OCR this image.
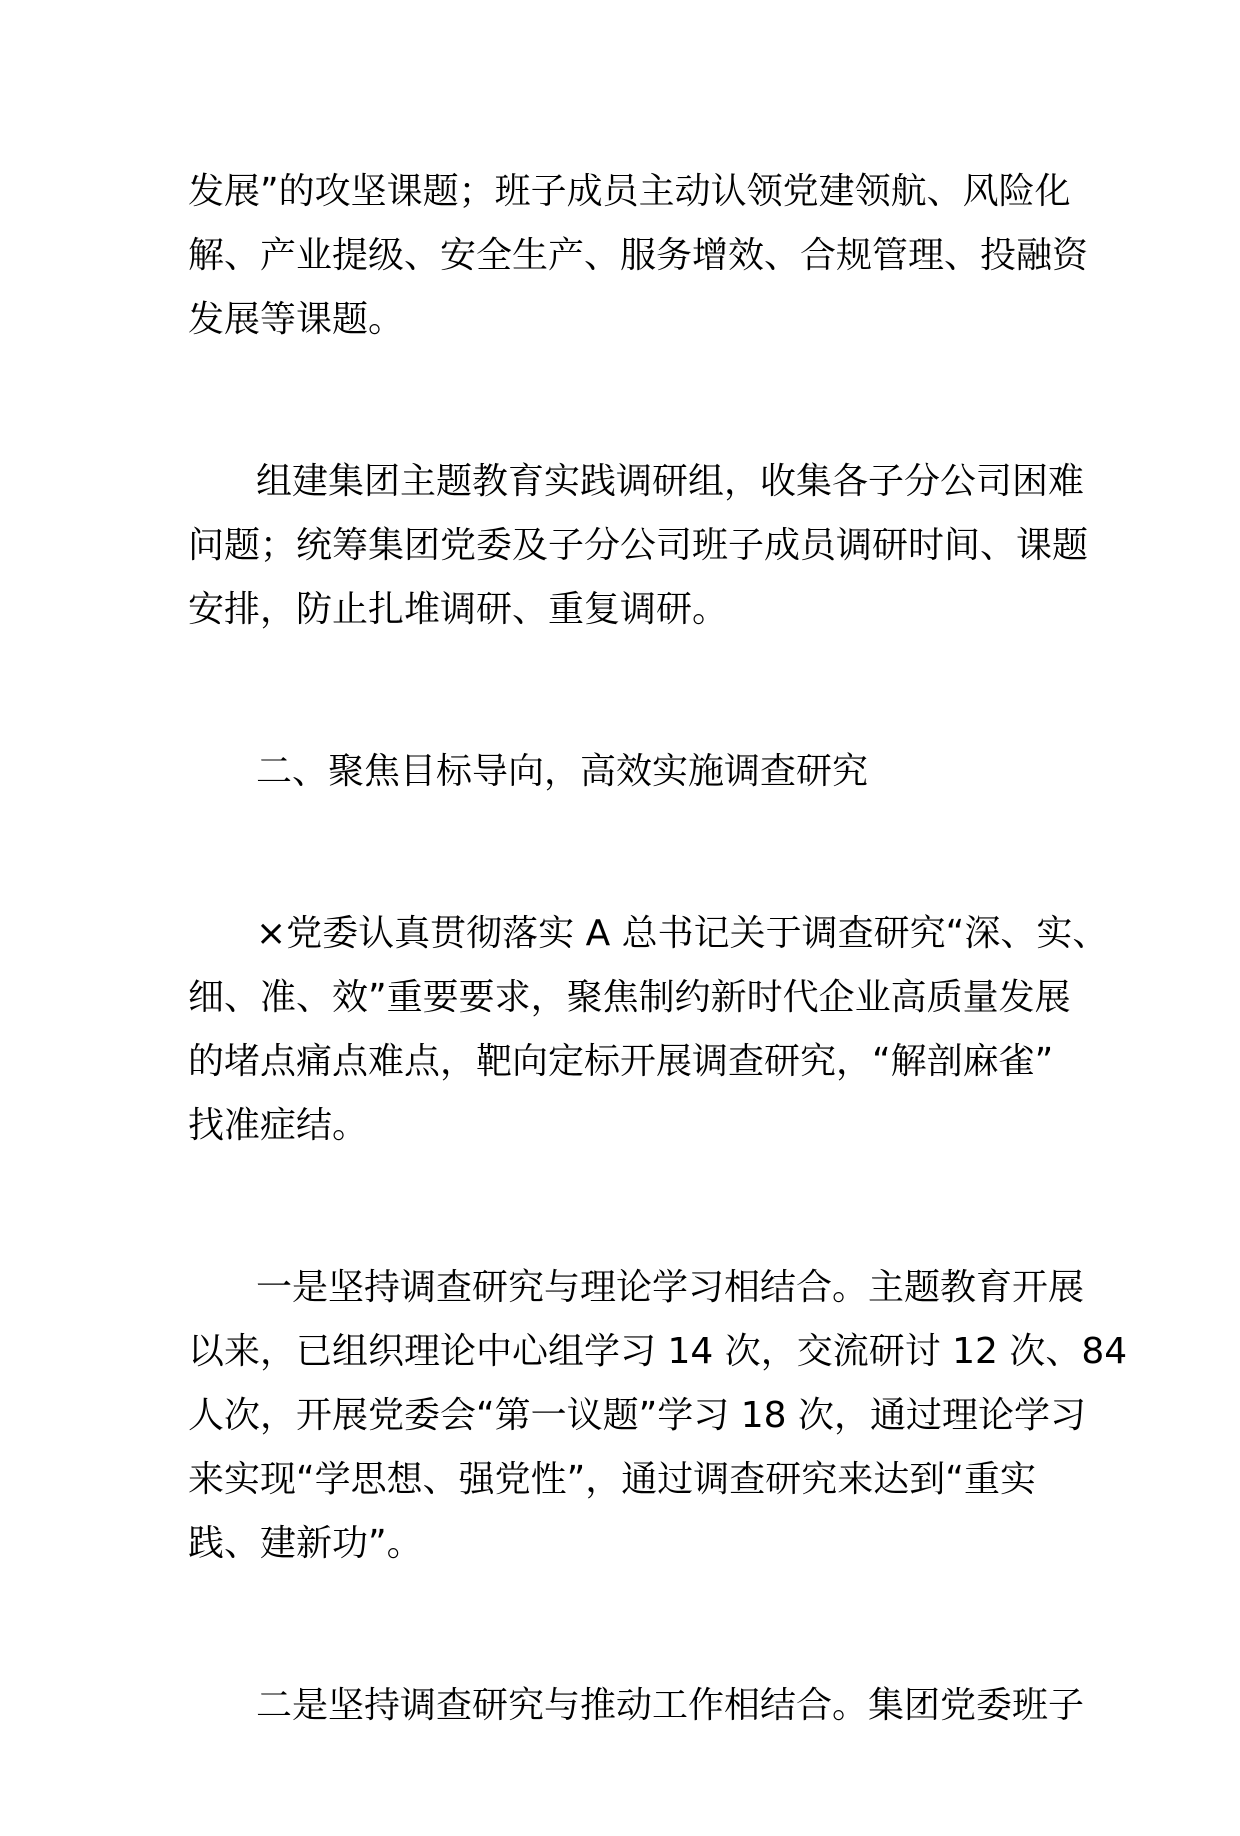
发展”的攻坚课题；班子成员主动认领党建领航、风险化
解、产业提级、安全生产、服务增效、合规管理、投融资
发展等课题。
组建集团主题教育实践调研组，收集各子分公司困难
问题；统筹集团党委及子分公司班子成员调研时间、课题
安排，防止扎堆调研、重复调研。
二、聚焦目标导向，高效实施调查研究
×党委认真贯彻落实 A 总书记关于调查研究“深、实、
细、准、效”重要要求，聚焦制约新时代企业高质量发展
的堵点痛点难点，靶向定标开展调查研究，“解剖麻雀”
找准症结。
一是坚持调查研究与理论学习相结合。主题教育开展
以来，已组织理论中心组学习 14 次，交流研讨 12 次、84
人次，开展党委会“第一议题”学习 18 次，通过理论学习
来实现“学思想、强党性”，通过调查研究来达到“重实
践、建新功”。
二是坚持调查研究与推动工作相结合。集团党委班子
